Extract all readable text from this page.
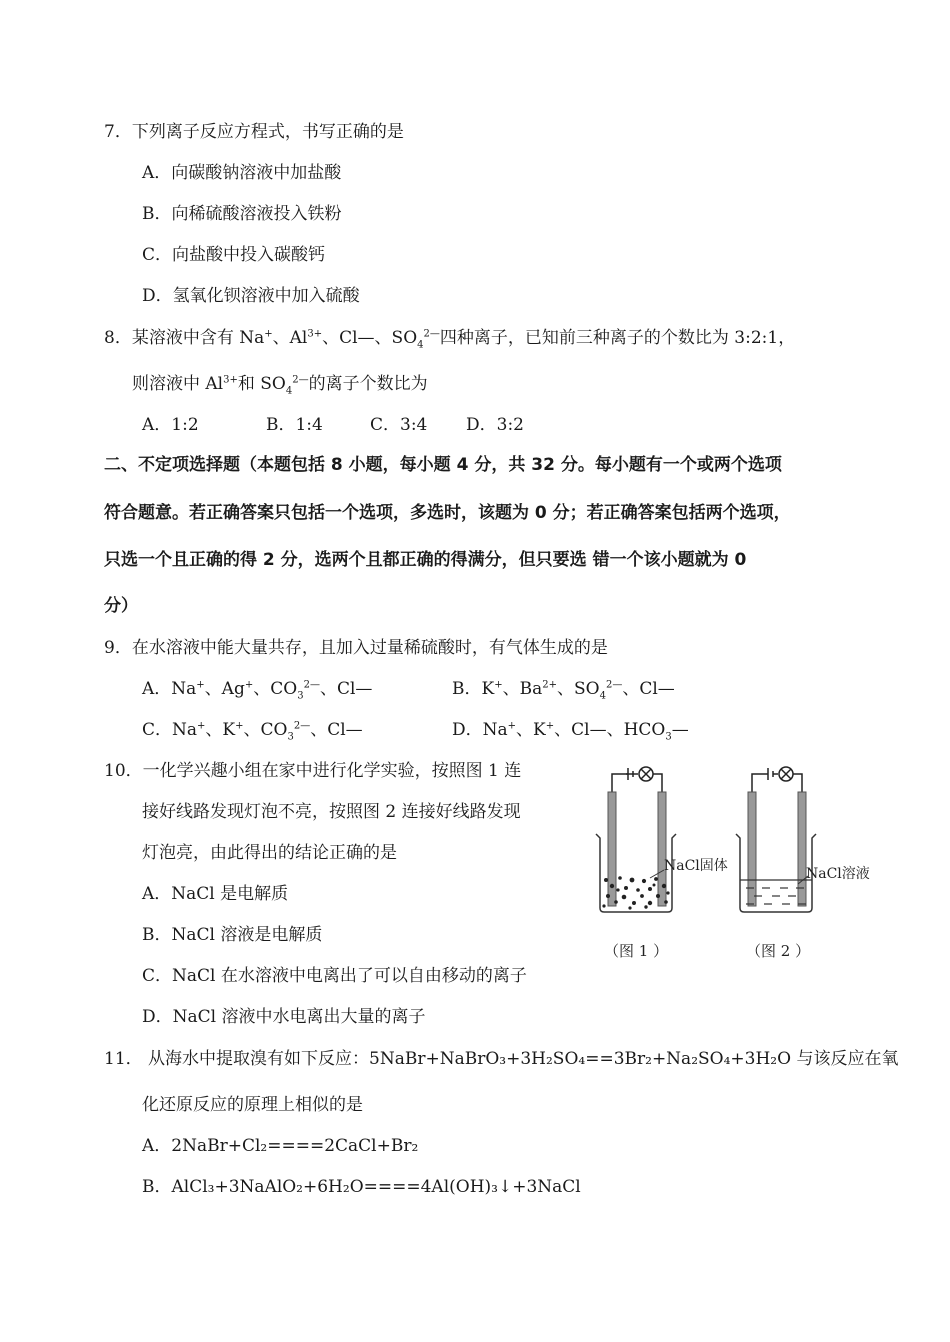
7．下列离子反应方程式，书写正确的是
A．向碳酸钠溶液中加盐酸
B．向稀硫酸溶液投入铁粉
C．向盐酸中投入碳酸钙
D．氢氧化钡溶液中加入硫酸
8．某溶液中含有 Na+、$Al^{3+}$、Cl—、$SO_4^{2—}$四种离子，已知前三种离子的个数比为 3:2:1，
则溶液中 $Al^{3+}$和 $SO_4^{2—}$的离子个数比为
A．1:2	B．1:4	C．3:4 D．3:2
二、不定项选择题（本题包括 8 小题，每小题 4 分，共 32 分。每小题有一个或两个选项
符合题意。若正确答案只包括一个选项，多选时，该题为 0 分；若正确答案包括两个选项，
只选一个且正确的得 2 分，选两个且都正确的得满分，但只要选 错一个该小题就为 0
分）
9．在水溶液中能大量共存，且加入过量稀硫酸时，有气体生成的是
A．Na+、Ag+、$CO_3^{2—}$、Cl—	B．K+、$Ba^{2+}$、$SO_4^{2—}$、Cl—
C．Na+、K+、$CO_3^{2—}$、Cl—	D．Na+、K+、Cl—、$HCO_3—$
10．一化学兴趣小组在家中进行化学实验，按照图 1 连
接好线路发现灯泡不亮，按照图 2 连接好线路发现
灯泡亮，由此得出的结论正确的是
A．NaCl 是电解质
B．NaCl 溶液是电解质
C．NaCl 在水溶液中电离出了可以自由移动的离子
D．NaCl 溶液中水电离出大量的离子
NaCl固体
（图 1 ）
NaCl溶液
（图 2 ）
11． 从海水中提取溴有如下反应：5NaBr+NaBrO₃+3H₂SO₄==3Br₂+Na₂SO₄+3H₂O 与该反应在氧
化还原反应的原理上相似的是
A．2NaBr+Cl₂====2CaCl+Br₂
B．AlCl₃+3NaAlO₂+6H₂O====4Al(OH)₃↓+3NaCl
